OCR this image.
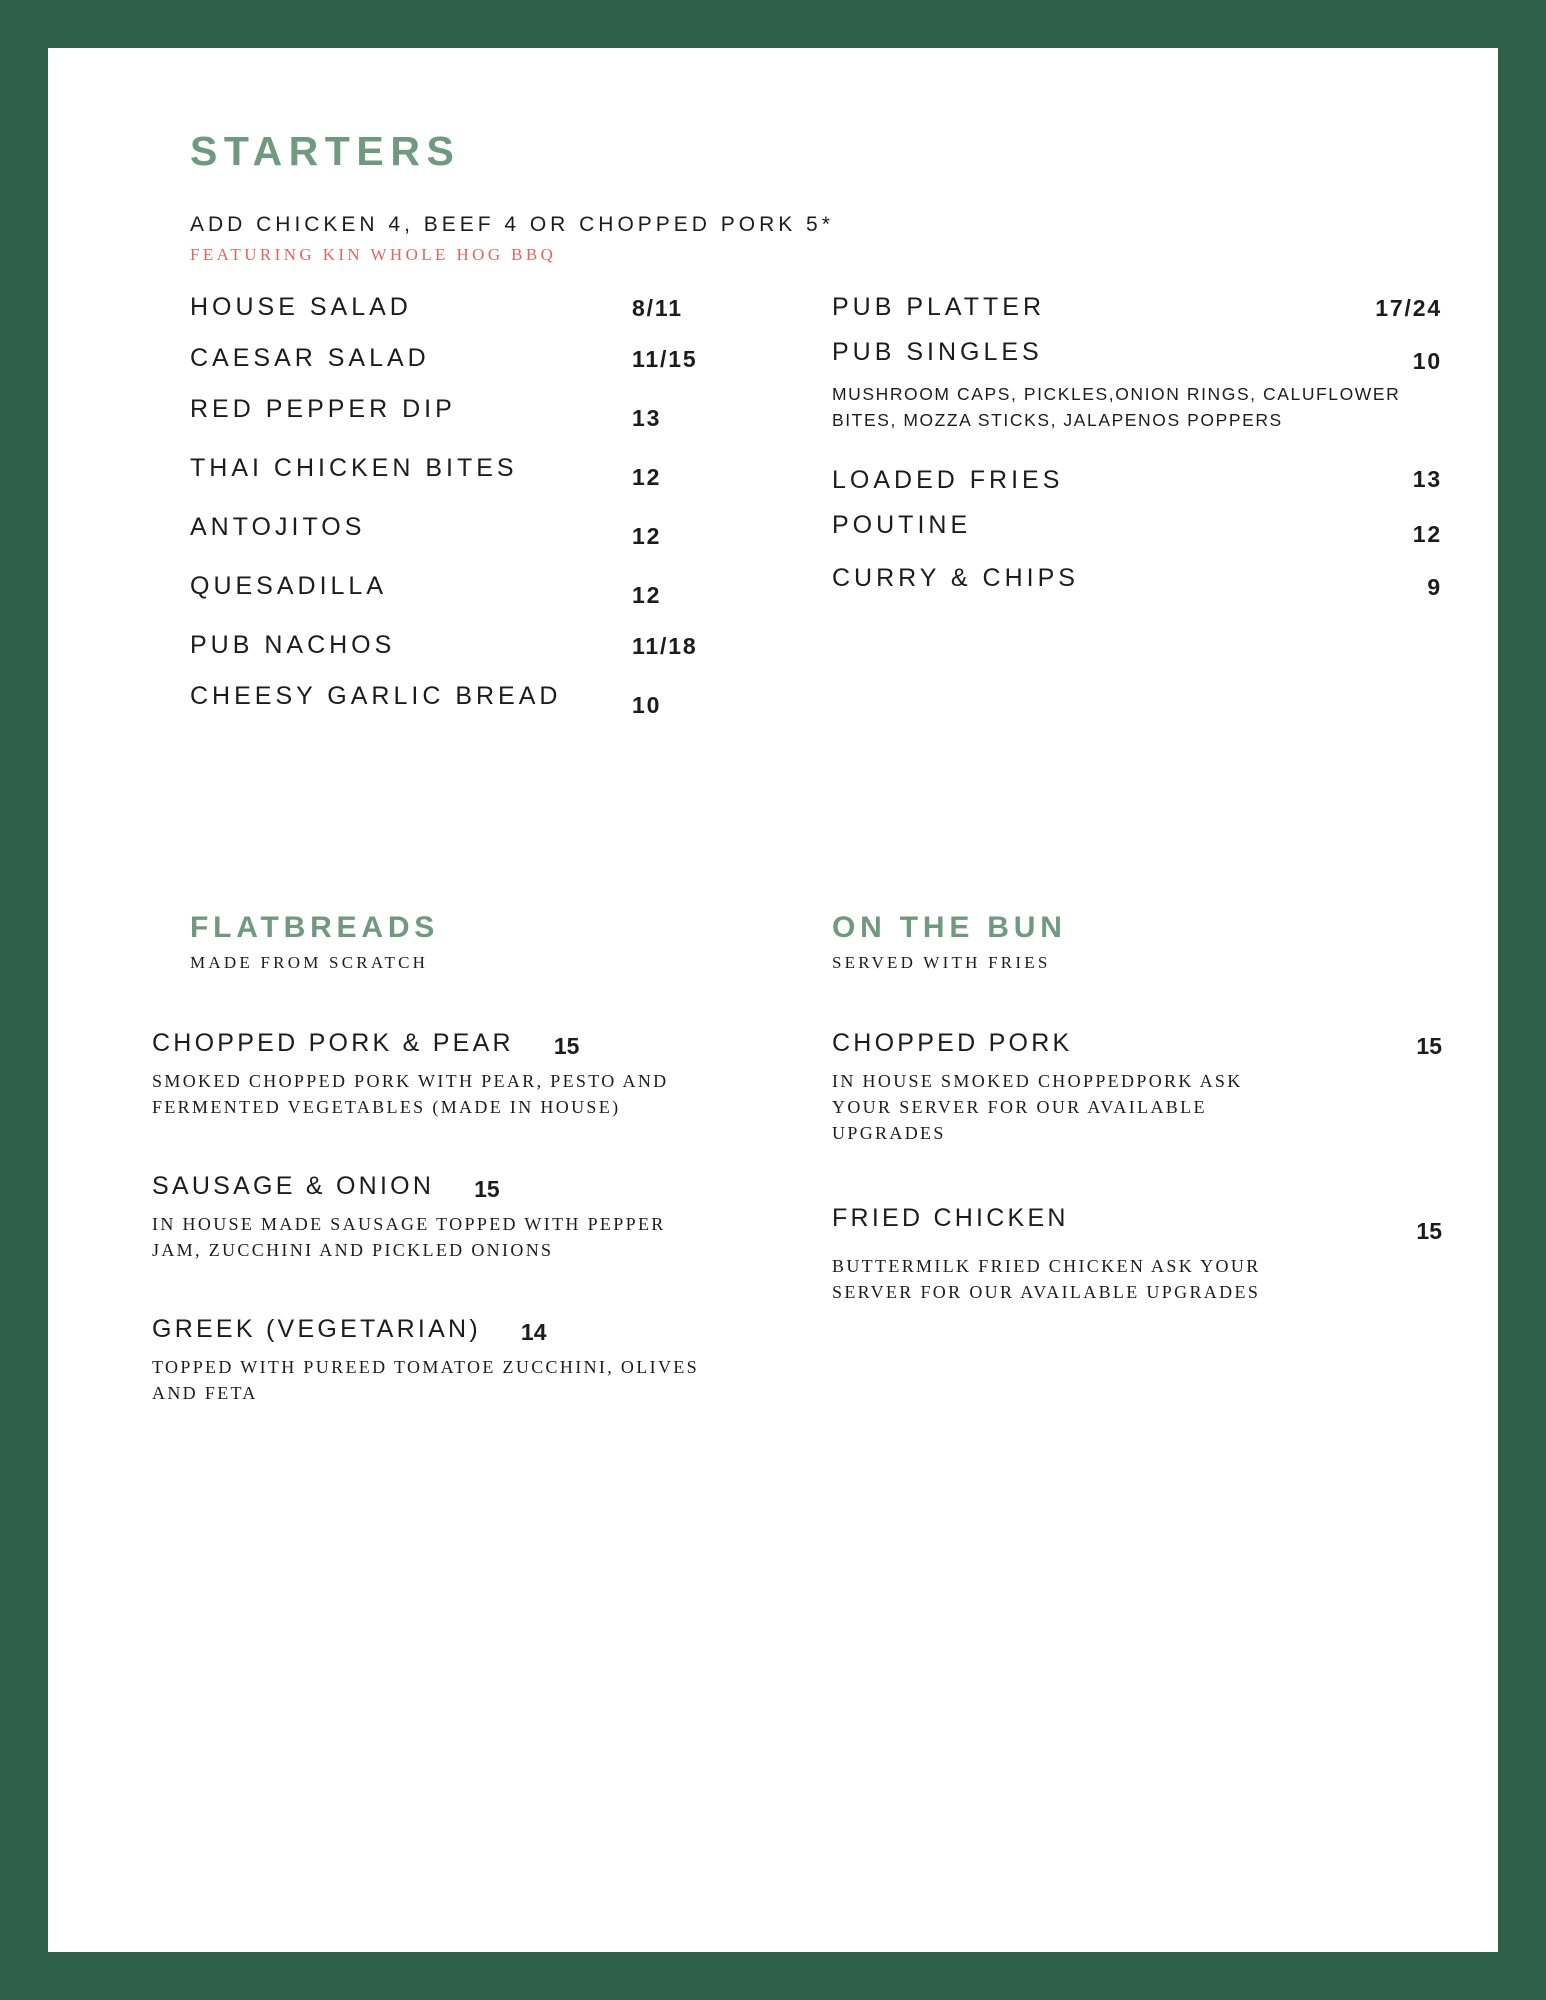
STARTERS
ADD CHICKEN 4, BEEF 4 OR CHOPPED PORK 5*
FEATURING KIN WHOLE HOG BBQ
HOUSE SALAD	8/11
CAESAR SALAD	11/15
RED PEPPER DIP	13
THAI CHICKEN BITES	12
ANTOJITOS	12
QUESADILLA	12
PUB NACHOS	11/18
CHEESY GARLIC BREAD	10
PUB PLATTER	17/24
PUB SINGLES	10
MUSHROOM CAPS, PICKLES,ONION RINGS, CALUFLOWER BITES, MOZZA STICKS, JALAPENOS POPPERS
LOADED FRIES	13
POUTINE	12
CURRY & CHIPS	9
FLATBREADS
MADE FROM SCRATCH
CHOPPED PORK & PEAR 15
SMOKED CHOPPED PORK WITH PEAR, PESTO AND FERMENTED VEGETABLES (MADE IN HOUSE)
SAUSAGE & ONION 15
IN HOUSE MADE SAUSAGE TOPPED WITH PEPPER JAM, ZUCCHINI AND PICKLED ONIONS
GREEK (VEGETARIAN) 14
TOPPED WITH PUREED TOMATOE ZUCCHINI, OLIVES AND FETA
ON THE BUN
SERVED WITH FRIES
CHOPPED PORK	15
IN HOUSE SMOKED CHOPPEDPORK ASK YOUR SERVER FOR OUR AVAILABLE UPGRADES
FRIED CHICKEN	15
BUTTERMILK FRIED CHICKEN ASK YOUR SERVER FOR OUR AVAILABLE UPGRADES
